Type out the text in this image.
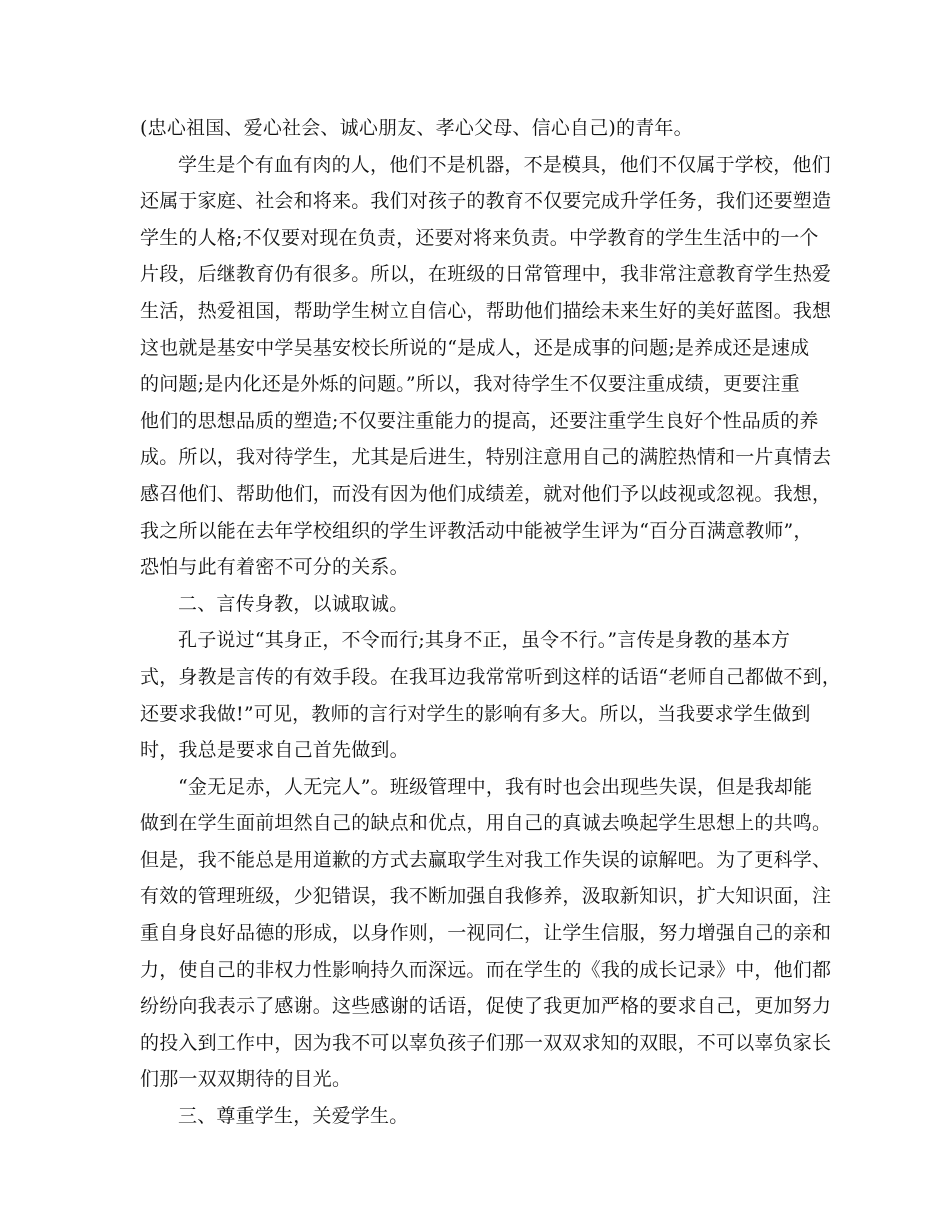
(忠心祖国、爱心社会、诚心朋友、孝心父母、信心自己)的青年。
学生是个有血有肉的人，他们不是机器，不是模具，他们不仅属于学校，他们
还属于家庭、社会和将来。我们对孩子的教育不仅要完成升学任务，我们还要塑造
学生的人格;不仅要对现在负责，还要对将来负责。中学教育的学生生活中的一个
片段，后继教育仍有很多。所以，在班级的日常管理中，我非常注意教育学生热爱
生活，热爱祖国，帮助学生树立自信心，帮助他们描绘未来生好的美好蓝图。我想
这也就是基安中学吴基安校长所说的“是成人，还是成事的问题;是养成还是速成
的问题;是内化还是外烁的问题。”所以，我对待学生不仅要注重成绩，更要注重
他们的思想品质的塑造;不仅要注重能力的提高，还要注重学生良好个性品质的养
成。所以，我对待学生，尤其是后进生，特别注意用自己的满腔热情和一片真情去
感召他们、帮助他们，而没有因为他们成绩差，就对他们予以歧视或忽视。我想，
我之所以能在去年学校组织的学生评教活动中能被学生评为“百分百满意教师”，
恐怕与此有着密不可分的关系。
二、言传身教，以诚取诚。
孔子说过“其身正，不令而行;其身不正，虽令不行。”言传是身教的基本方
式，身教是言传的有效手段。在我耳边我常常听到这样的话语“老师自己都做不到，
还要求我做!”可见，教师的言行对学生的影响有多大。所以，当我要求学生做到
时，我总是要求自己首先做到。
“金无足赤，人无完人”。班级管理中，我有时也会出现些失误，但是我却能
做到在学生面前坦然自己的缺点和优点，用自己的真诚去唤起学生思想上的共鸣。
但是，我不能总是用道歉的方式去赢取学生对我工作失误的谅解吧。为了更科学、
有效的管理班级，少犯错误，我不断加强自我修养，汲取新知识，扩大知识面，注
重自身良好品德的形成，以身作则，一视同仁，让学生信服，努力增强自己的亲和
力，使自己的非权力性影响持久而深远。而在学生的《我的成长记录》中，他们都
纷纷向我表示了感谢。这些感谢的话语，促使了我更加严格的要求自己，更加努力
的投入到工作中，因为我不可以辜负孩子们那一双双求知的双眼，不可以辜负家长
们那一双双期待的目光。
三、尊重学生，关爱学生。
